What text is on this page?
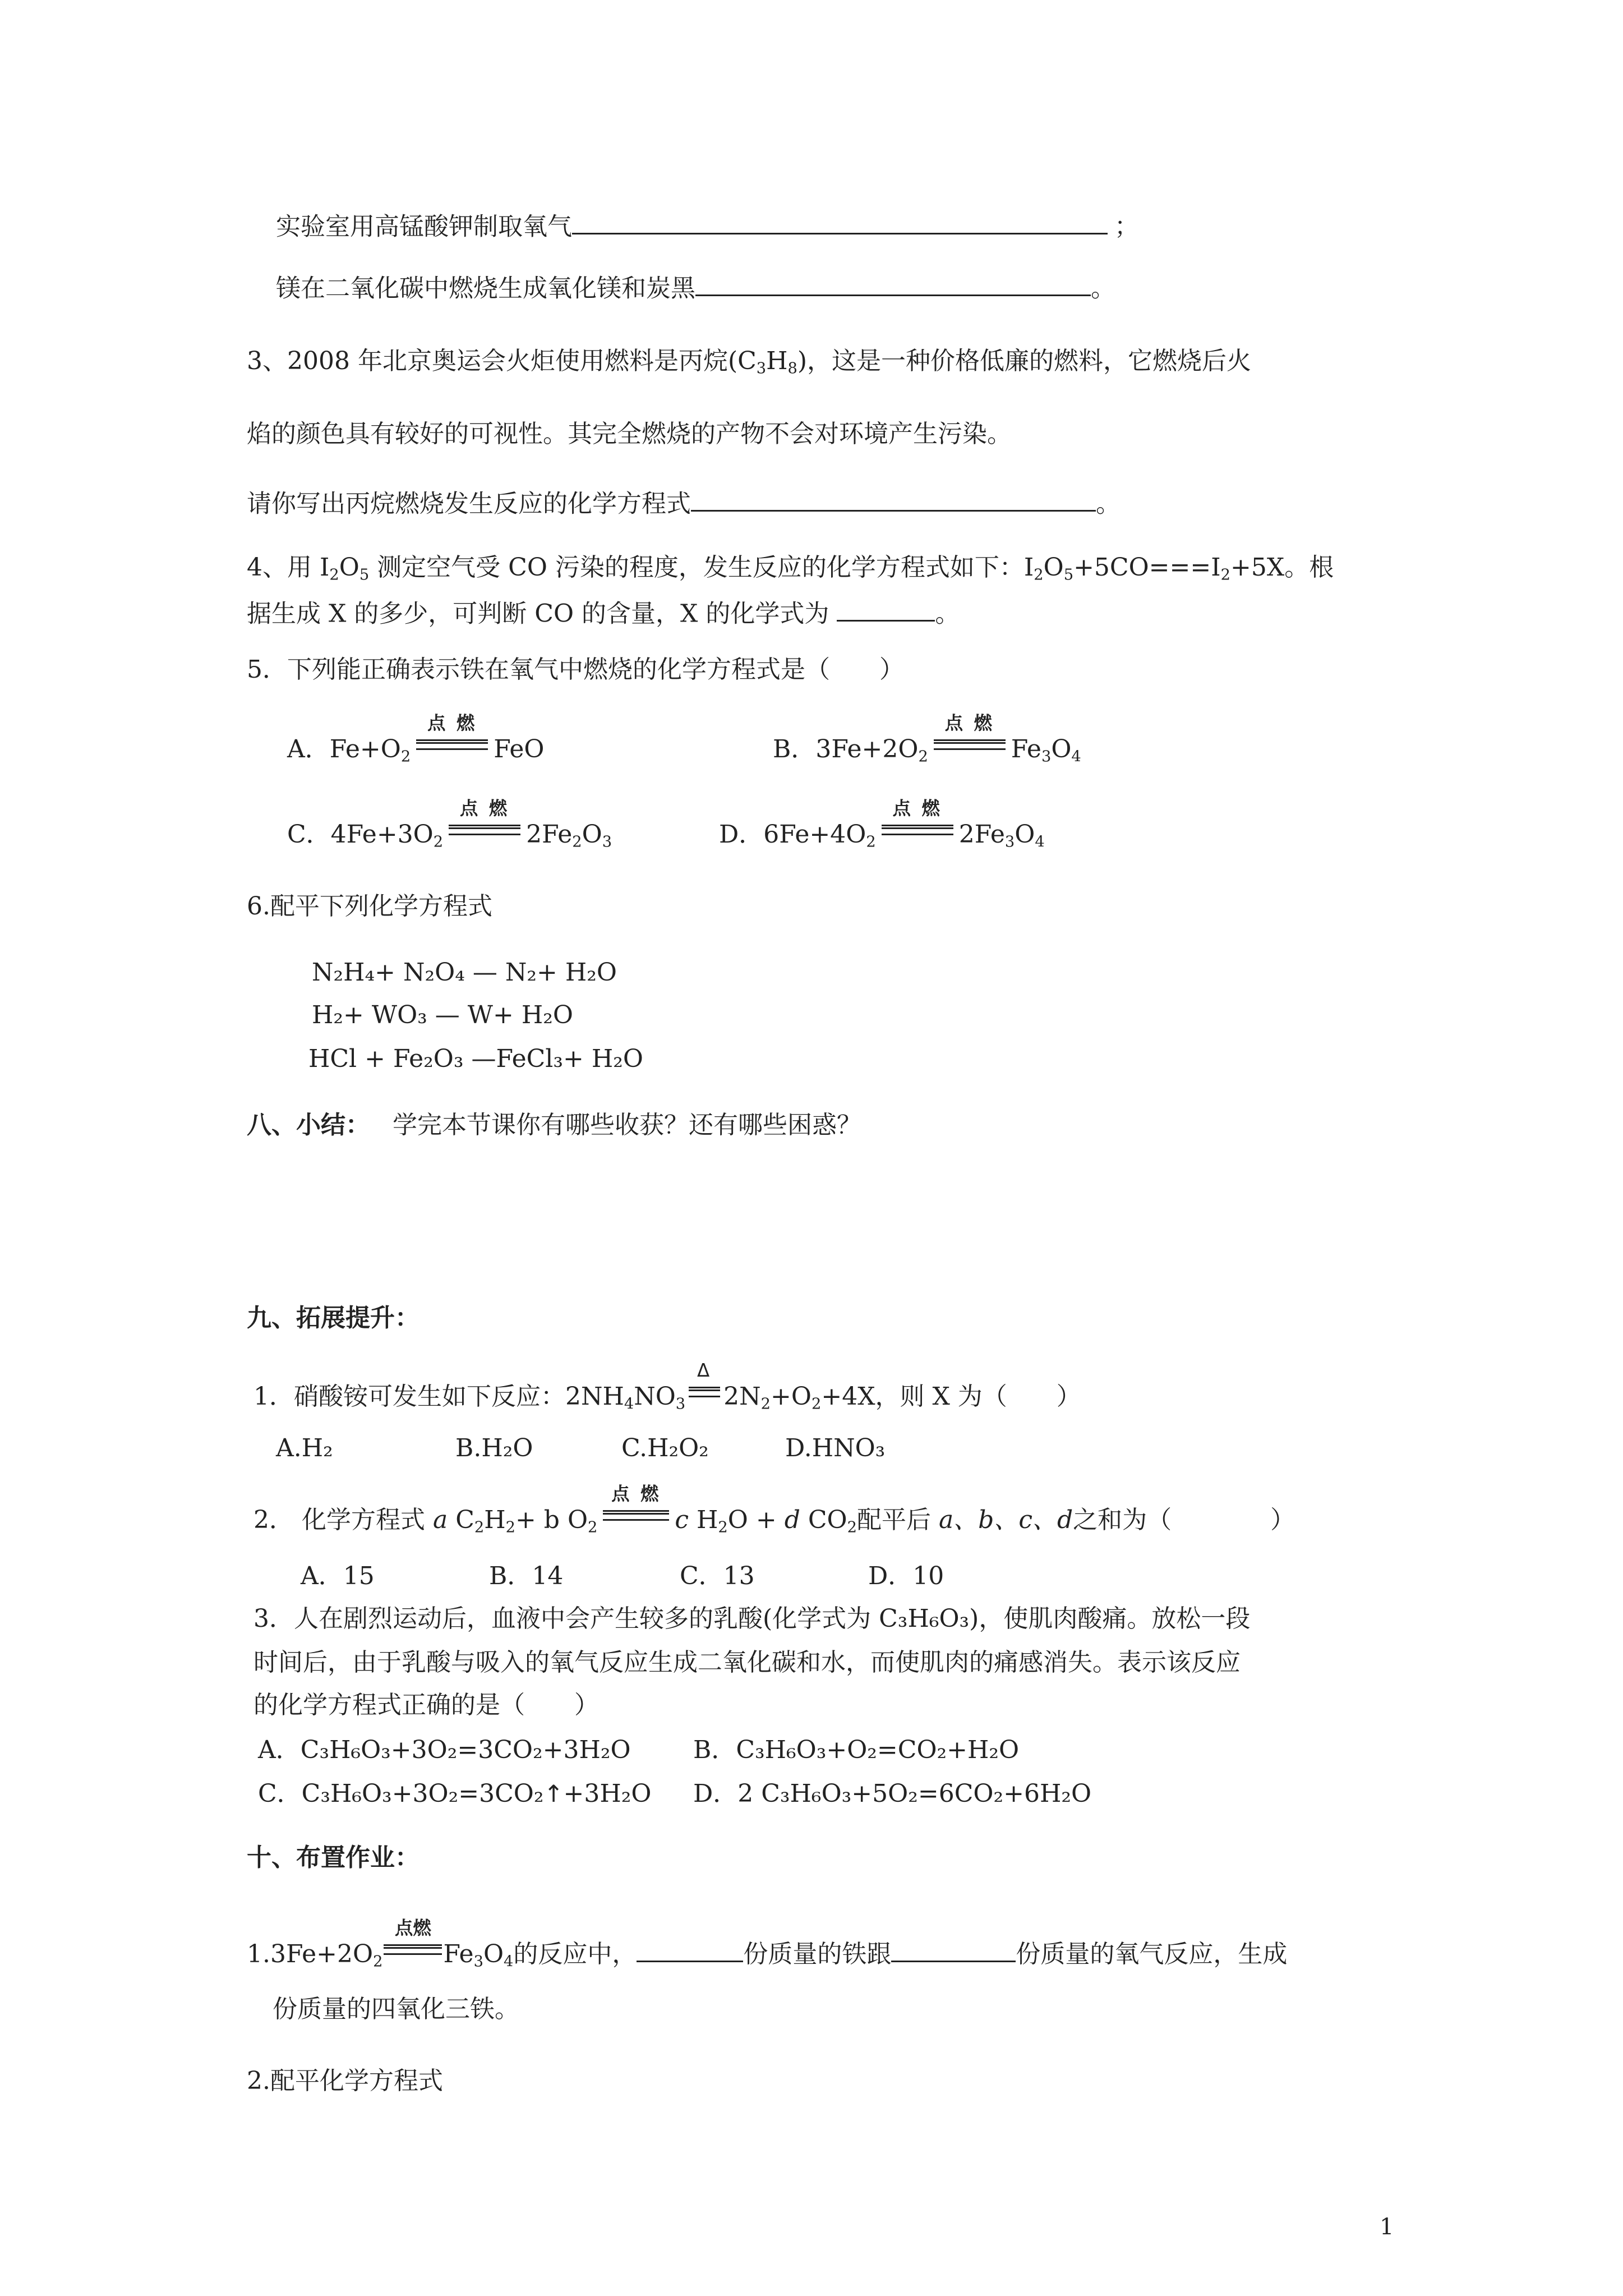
实验室用高锰酸钾制取氧气	；
镁在二氧化碳中燃烧生成氧化镁和炭黑	。
3、2008 年北京奥运会火炬使用燃料是丙烷$(C_3H_8)$，这是一种价格低廉的燃料，它燃烧后火
焰的颜色具有较好的可视性。其完全燃烧的产物不会对环境产生污染。
请你写出丙烷燃烧发生反应的化学方程式	。
4、用 $I_2O_5$ 测定空气受 CO 污染的程度，发生反应的化学方程式如下：$I_2O_5+5CO===I_2+5X$。根
据生成 X 的多少，可判断 CO 的含量，X 的化学式为	。
5．下列能正确表示铁在氧气中燃烧的化学方程式是（　　）
A．$Fe+O_2$
点 燃
FeO	B．$3Fe+2O_2$
点 燃
$Fe_3O_4$
C．$4Fe+3O_2$
点 燃
$2Fe_2O_3$	D．$6Fe+4O_2$
点 燃
$2Fe_3O_4$
6.配平下列化学方程式
N₂H₄+ N₂O₄ — N₂+ H₂O
H₂+ WO₃ — W+ H₂O
HCl + Fe₂O₃ —FeCl₃+ H₂O
八、小结： 学完本节课你有哪些收获？还有哪些困惑？
九、拓展提升：
1．硝酸铵可发生如下反应：$2NH_4NO_3$
Δ
$2N_2+O_2+4X$，则 X 为（　　）
A.H₂	B.H₂O	C.H₂O₂	D.HNO₃
2． 化学方程式 a $C_2H_2+ b$ $O_2$
点 燃
c $H_2O + d$ $CO_2$配平后 a、b、c、d之和为（　　　　）
A．15	B．14	C．13	D．10
3．人在剧烈运动后，血液中会产生较多的乳酸(化学式为 C₃H₆O₃)，使肌肉酸痛。放松一段
时间后，由于乳酸与吸入的氧气反应生成二氧化碳和水，而使肌肉的痛感消失。表示该反应
的化学方程式正确的是（　　）
A．C₃H₆O₃+3O₂=3CO₂+3H₂O	B．C₃H₆O₃+O₂=CO₂+H₂O
C．C₃H₆O₃+3O₂=3CO₂↑+3H₂O D．2 C₃H₆O₃+5O₂=6CO₂+6H₂O
十、布置作业：
$1.3Fe+2O_2$
点燃
$Fe_3O_4$的反应中，	份质量的铁跟	份质量的氧气反应，生成
份质量的四氧化三铁。
2.配平化学方程式
1
